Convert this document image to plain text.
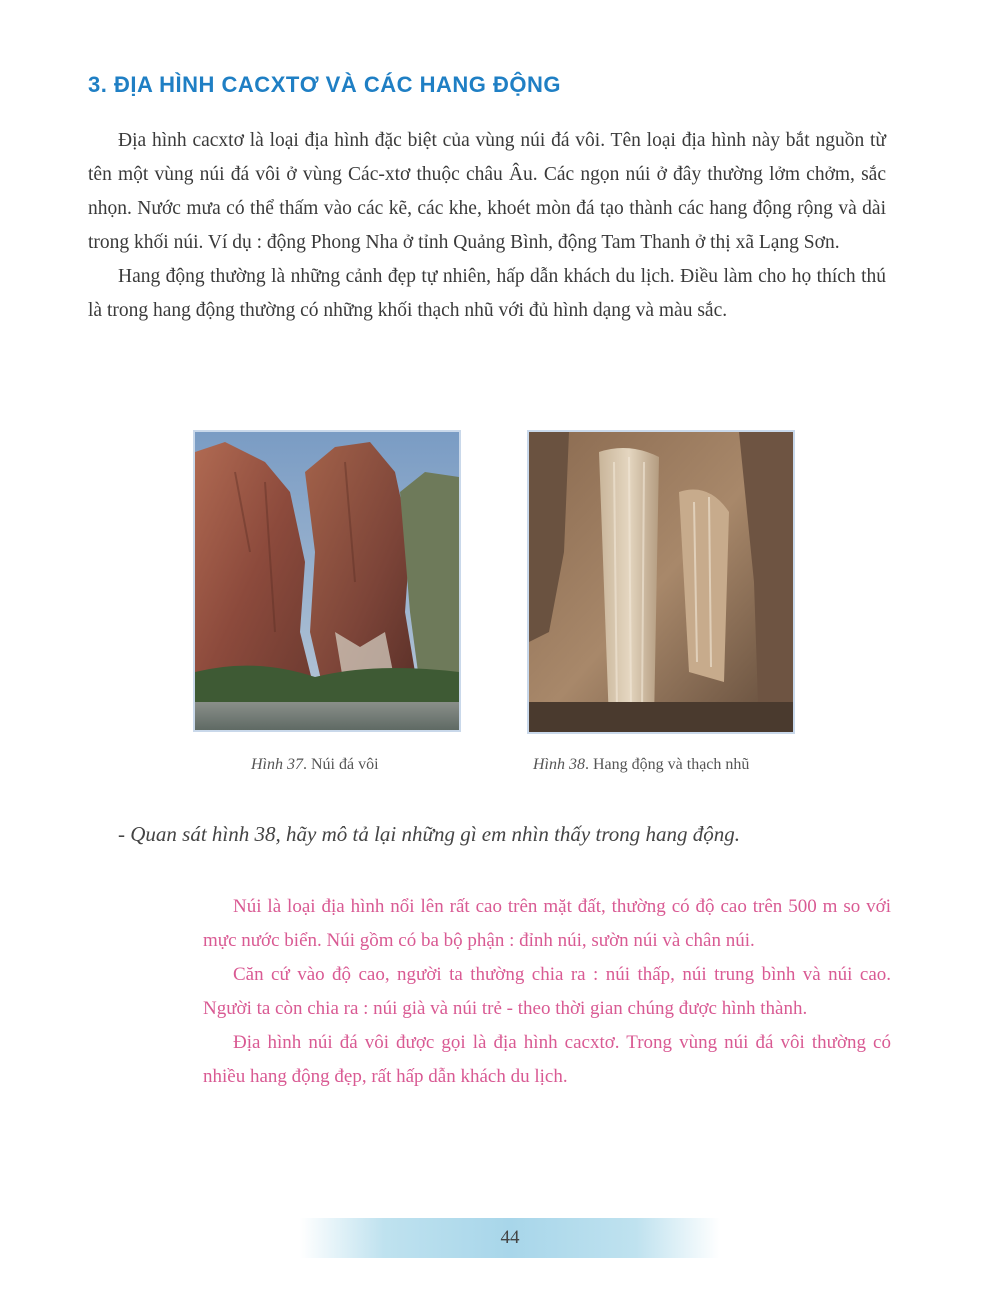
3. ĐỊA HÌNH CACXTƠ VÀ CÁC HANG ĐỘNG

Địa hình cacxtơ là loại địa hình đặc biệt của vùng núi đá vôi. Tên loại địa hình này bắt nguồn từ tên một vùng núi đá vôi ở vùng Các-xtơ thuộc châu Âu. Các ngọn núi ở đây thường lởm chởm, sắc nhọn. Nước mưa có thể thấm vào các kẽ, các khe, khoét mòn đá tạo thành các hang động rộng và dài trong khối núi. Ví dụ : động Phong Nha ở tỉnh Quảng Bình, động Tam Thanh ở thị xã Lạng Sơn.

Hang động thường là những cảnh đẹp tự nhiên, hấp dẫn khách du lịch. Điều làm cho họ thích thú là trong hang động thường có những khối thạch nhũ với đủ hình dạng và màu sắc.

Hình 37. Núi đá vôi	Hình 38. Hang động và thạch nhũ

- Quan sát hình 38, hãy mô tả lại những gì em nhìn thấy trong hang động.

Núi là loại địa hình nổi lên rất cao trên mặt đất, thường có độ cao trên 500 m so với mực nước biển. Núi gồm có ba bộ phận : đỉnh núi, sườn núi và chân núi.

Căn cứ vào độ cao, người ta thường chia ra : núi thấp, núi trung bình và núi cao. Người ta còn chia ra : núi già và núi trẻ - theo thời gian chúng được hình thành.

Địa hình núi đá vôi được gọi là địa hình cacxtơ. Trong vùng núi đá vôi thường có nhiều hang động đẹp, rất hấp dẫn khách du lịch.

44
